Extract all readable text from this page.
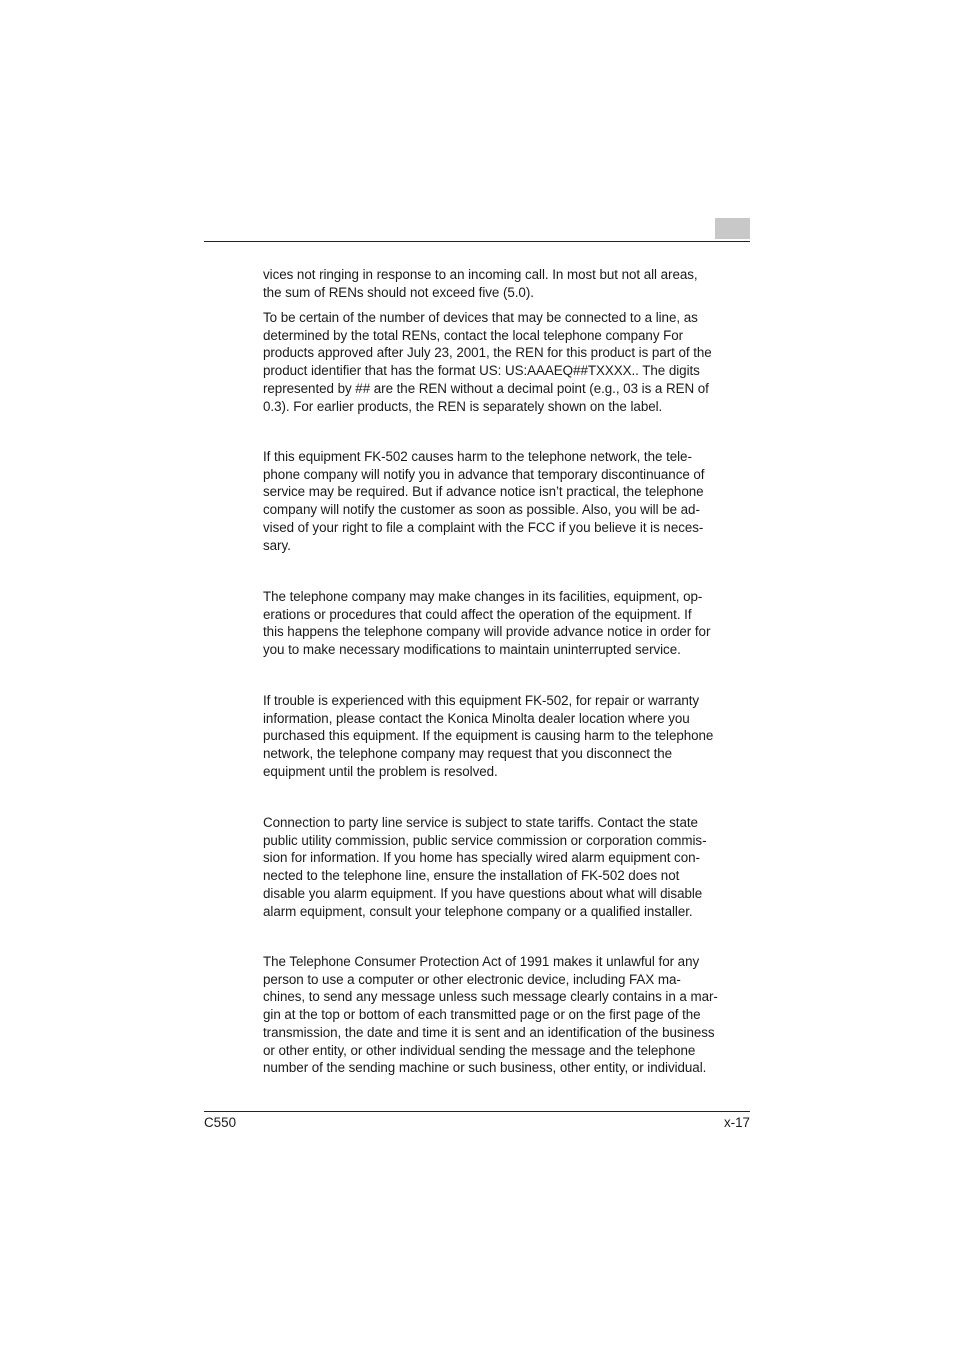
vices not ringing in response to an incoming call. In most but not all areas,
the sum of RENs should not exceed five (5.0).

To be certain of the number of devices that may be connected to a line, as
determined by the total RENs, contact the local telephone company For
products approved after July 23, 2001, the REN for this product is part of the
product identifier that has the format US: US:AAAEQ##TXXXX.. The digits
represented by ## are the REN without a decimal point (e.g., 03 is a REN of
0.3). For earlier products, the REN is separately shown on the label.

If this equipment FK-502 causes harm to the telephone network, the tele-
phone company will notify you in advance that temporary discontinuance of
service may be required. But if advance notice isn’t practical, the telephone
company will notify the customer as soon as possible. Also, you will be ad-
vised of your right to file a complaint with the FCC if you believe it is neces-
sary.

The telephone company may make changes in its facilities, equipment, op-
erations or procedures that could affect the operation of the equipment. If
this happens the telephone company will provide advance notice in order for
you to make necessary modifications to maintain uninterrupted service.

If trouble is experienced with this equipment FK-502, for repair or warranty
information, please contact the Konica Minolta dealer location where you
purchased this equipment. If the equipment is causing harm to the telephone
network, the telephone company may request that you disconnect the
equipment until the problem is resolved.

Connection to party line service is subject to state tariffs. Contact the state
public utility commission, public service commission or corporation commis-
sion for information. If you home has specially wired alarm equipment con-
nected to the telephone line, ensure the installation of FK-502 does not
disable you alarm equipment. If you have questions about what will disable
alarm equipment, consult your telephone company or a qualified installer.

The Telephone Consumer Protection Act of 1991 makes it unlawful for any
person to use a computer or other electronic device, including FAX ma-
chines, to send any message unless such message clearly contains in a mar-
gin at the top or bottom of each transmitted page or on the first page of the
transmission, the date and time it is sent and an identification of the business
or other entity, or other individual sending the message and the telephone
number of the sending machine or such business, other entity, or individual.

C550	x-17
